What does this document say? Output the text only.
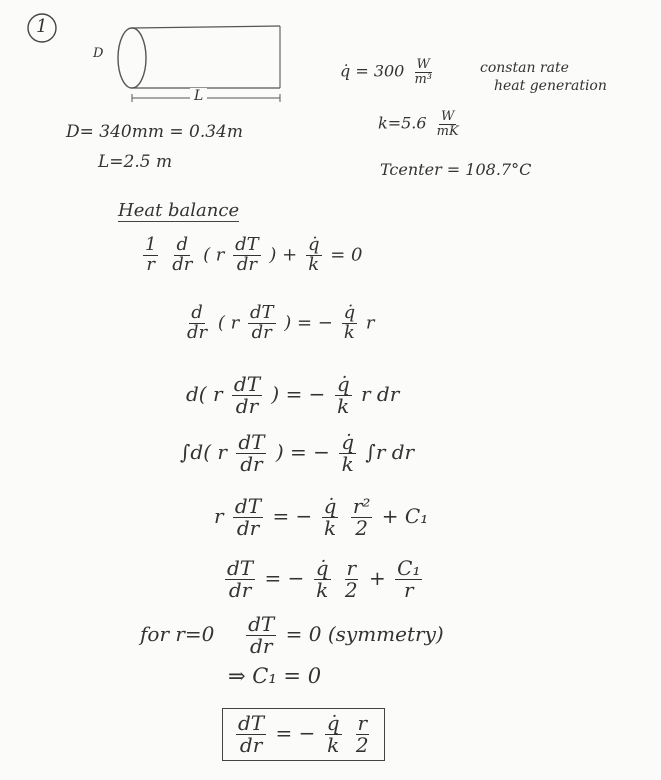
1
D
L
D= 340mm = 0.34m
L=2.5 m
q̇ = $300 \frac{W}{\text{m³}}$	constan rate
heat generation
$k=5.6 \frac{W}{mK}$
Tcenter = 108.7°C
Heat balance
$\frac{1}{r}$
$\frac{d}{dr}$ ( r $\frac{dT}{dr}$ ) + $\frac{q̇}{k} = 0$
$\frac{d}{dr}$ ( r $\frac{dT}{dr}$ ) = − $\frac{q̇}{k}$ r
d( r $\frac{dT}{dr}$ ) = − $\frac{q̇}{k}$ r dr
∫d( r $\frac{dT}{dr}$ ) = − $\frac{q̇}{k} \int r$ dr
r $\frac{dT}{dr}$ = − $\frac{q̇}{k}$
$\frac{\text{r²}}{2} + C_1$
$\frac{dT}{dr}$ = − $\frac{q̇}{k}$
$\frac{r}{2} + \frac{\text{C₁}}{r}$
for $r=0 \frac{dT}{dr} = 0$ (symmetry)
⇒ C₁ = 0
$\frac{dT}{dr}$ = − $\frac{q̇}{k}$
$\frac{r}{2}$
